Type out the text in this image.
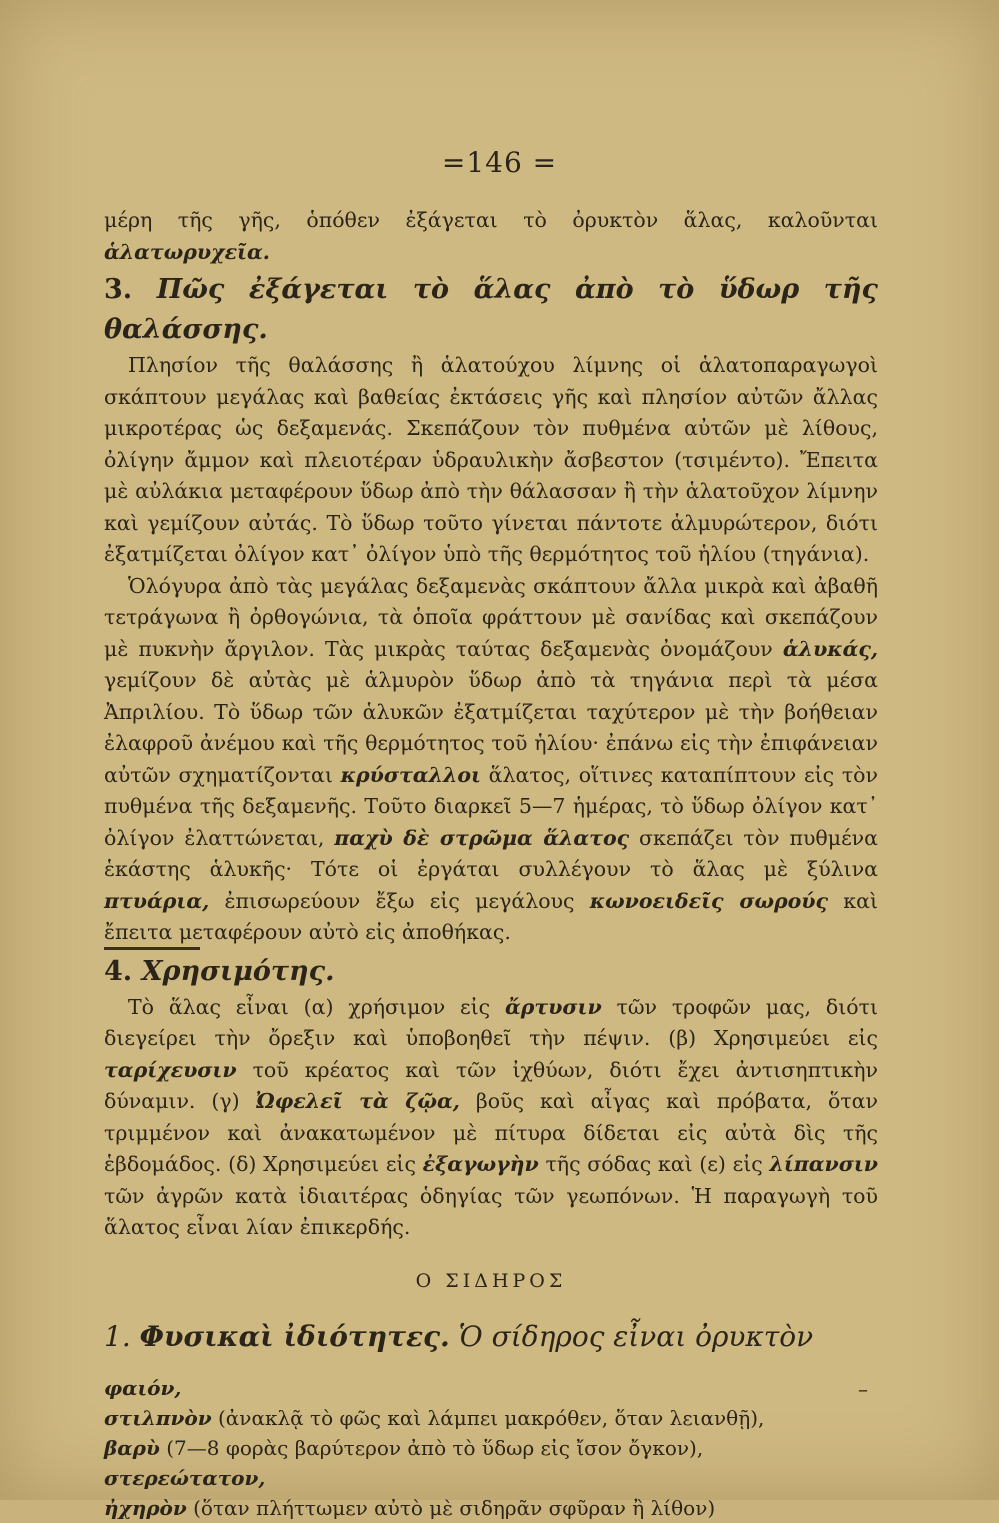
=146 =

μέρη τῆς γῆς, ὁπόθεν ἐξάγεται τὸ ὀρυκτὸν ἅλας, καλοῦνται ἁλατωρυχεῖα.

3. Πῶς ἐξάγεται τὸ ἅλας ἀπὸ τὸ ὕδωρ τῆς θαλάσσης.

Πλησίον τῆς θαλάσσης ἢ ἁλατούχου λίμνης οἱ ἁλατοπαραγωγοὶ σκάπτουν μεγάλας καὶ βαθείας ἐκτάσεις γῆς καὶ πλησίον αὐτῶν ἄλλας μικροτέρας ὡς δεξαμενάς. Σκεπάζουν τὸν πυθμένα αὐτῶν μὲ λίθους, ὀλίγην ἄμμον καὶ πλειοτέραν ὑδραυλικὴν ἄσβεστον (τσιμέντο). Ἔπειτα μὲ αὐλάκια μεταφέρουν ὕδωρ ἀπὸ τὴν θάλασσαν ἢ τὴν ἁλατοῦχον λίμνην καὶ γεμίζουν αὐτάς. Τὸ ὕδωρ τοῦτο γίνεται πάντοτε ἁλμυρώτερον, διότι ἐξατμίζεται ὀλίγον κατ᾽ ὀλίγον ὑπὸ τῆς θερμότητος τοῦ ἡλίου (τηγάνια).

Ὁλόγυρα ἀπὸ τὰς μεγάλας δεξαμενὰς σκάπτουν ἄλλα μικρὰ καὶ ἀβαθῆ τετράγωνα ἢ ὀρθογώνια, τὰ ὁποῖα φράττουν μὲ σανίδας καὶ σκεπάζουν μὲ πυκνὴν ἄργιλον. Τὰς μικρὰς ταύτας δεξαμενὰς ὀνομάζουν ἁλυκάς, γεμίζουν δὲ αὐτὰς μὲ ἁλμυρὸν ὕδωρ ἀπὸ τὰ τηγάνια περὶ τὰ μέσα Ἀπριλίου. Τὸ ὕδωρ τῶν ἁλυκῶν ἐξατμίζεται ταχύτερον μὲ τὴν βοήθειαν ἐλαφροῦ ἀνέμου καὶ τῆς θερμότητος τοῦ ἡλίου· ἐπάνω εἰς τὴν ἐπιφάνειαν αὐτῶν σχηματίζονται κρύσταλλοι ἅλατος, οἵτινες καταπίπτουν εἰς τὸν πυθμένα τῆς δεξαμενῆς. Τοῦτο διαρκεῖ 5—7 ἡμέρας, τὸ ὕδωρ ὀλίγον κατ᾽ ὀλίγον ἐλαττώνεται, παχὺ δὲ στρῶμα ἅλατος σκεπάζει τὸν πυθμένα ἑκάστης ἁλυκῆς· Τότε οἱ ἐργάται συλλέγουν τὸ ἅλας μὲ ξύλινα πτυάρια, ἐπισωρεύουν ἔξω εἰς μεγάλους κωνοειδεῖς σωρούς καὶ ἔπειτα μεταφέρουν αὐτὸ εἰς ἀποθήκας.

4. Χρησιμότης.

Τὸ ἅλας εἶναι (α) χρήσιμον εἰς ἄρτυσιν τῶν τροφῶν μας, διότι διεγείρει τὴν ὄρεξιν καὶ ὑποβοηθεῖ τὴν πέψιν. (β) Χρησιμεύει εἰς ταρίχευσιν τοῦ κρέατος καὶ τῶν ἰχθύων, διότι ἔχει ἀντισηπτικὴν δύναμιν. (γ) Ὠφελεῖ τὰ ζῷα, βοῦς καὶ αἶγας καὶ πρόβατα, ὅταν τριμμένον καὶ ἀνακατωμένον μὲ πίτυρα δίδεται εἰς αὐτὰ δὶς τῆς ἑβδομάδος. (δ) Χρησιμεύει εἰς ἐξαγωγὴν τῆς σόδας καὶ (ε) εἰς λίπανσιν τῶν ἀγρῶν κατὰ ἰδιαιτέρας ὁδηγίας τῶν γεωπόνων. Ἡ παραγωγὴ τοῦ ἅλατος εἶναι λίαν ἐπικερδής.

Ο ΣΙΔΗΡΟΣ
1. Φυσικαὶ ἰδιότητες. Ὁ σίδηρος εἶναι ὀρυκτὸν
φαιόν,
στιλπνὸν (ἀνακλᾷ τὸ φῶς καὶ λάμπει μακρόθεν, ὅταν λειανθῇ),
βαρὺ (7—8 φορὰς βαρύτερον ἀπὸ τὸ ὕδωρ εἰς ἴσον ὄγκον),
στερεώτατον,
ἠχηρὸν (ὅταν πλήττωμεν αὐτὸ μὲ σιδηρᾶν σφῦραν ἢ λίθον)
–
